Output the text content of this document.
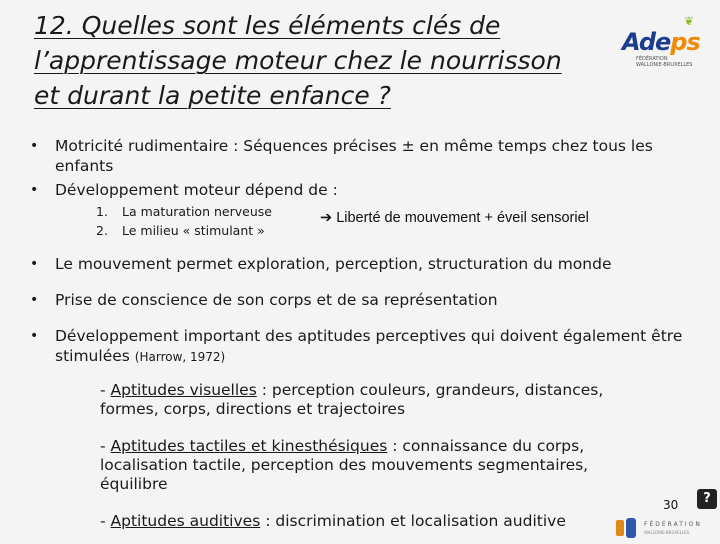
12. Quelles sont les éléments clés de
l’apprentissage moteur chez le nourrisson
et durant la petite enfance ?
❦
Adeps
FÉDÉRATION
WALLONIE-BRUXELLES
• Motricité rudimentaire : Séquences précises ± en même temps chez tous les enfants
• Développement moteur dépend de :
1. La maturation nerveuse
2. Le milieu « stimulant »
➔ Liberté de mouvement + éveil sensoriel
• Le mouvement permet exploration, perception, structuration du monde
• Prise de conscience de son corps et de sa représentation
• Développement important des aptitudes perceptives qui doivent également être stimulées (Harrow, 1972)
- Aptitudes visuelles : perception couleurs, grandeurs, distances, formes, corps, directions et trajectoires
- Aptitudes tactiles et kinesthésiques : connaissance du corps, localisation tactile, perception des mouvements segmentaires, équilibre
- Aptitudes auditives : discrimination et localisation auditive
30	?
FÉDÉRATION
WALLONIE-BRUXELLES
